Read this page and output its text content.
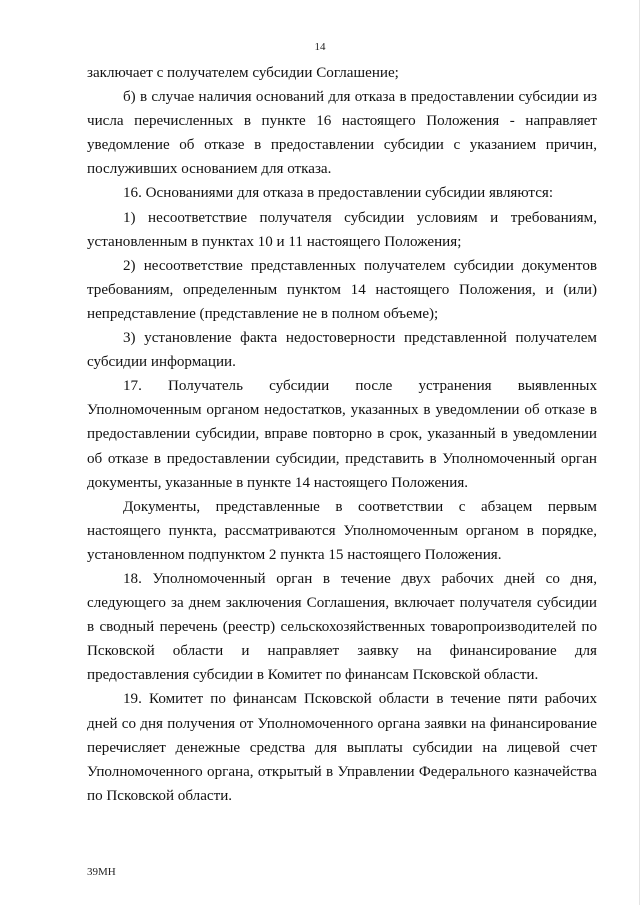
14

заключает с получателем субсидии Соглашение;

б) в случае наличия оснований для отказа в предоставлении субсидии из числа перечисленных в пункте 16 настоящего Положения - направляет уведомление об отказе в предоставлении субсидии с указанием причин, послуживших основанием для отказа.

16. Основаниями для отказа в предоставлении субсидии являются:

1) несоответствие получателя субсидии условиям и требованиям, установленным в пунктах 10 и 11 настоящего Положения;

2) несоответствие представленных получателем субсидии документов требованиям, определенным пунктом 14 настоящего Положения, и (или) непредставление (представление не в полном объеме);

3) установление факта недостоверности представленной получателем субсидии информации.

17. Получатель субсидии после устранения выявленных Уполномоченным органом недостатков, указанных в уведомлении об отказе в предоставлении субсидии, вправе повторно в срок, указанный в уведомлении об отказе в предоставлении субсидии, представить в Уполномоченный орган документы, указанные в пункте 14 настоящего Положения.

Документы, представленные в соответствии с абзацем первым настоящего пункта, рассматриваются Уполномоченным органом в порядке, установленном подпунктом 2 пункта 15 настоящего Положения.

18. Уполномоченный орган в течение двух рабочих дней со дня, следующего за днем заключения Соглашения, включает получателя субсидии в сводный перечень (реестр) сельскохозяйственных товаропроизводителей по Псковской области и направляет заявку на финансирование для предоставления субсидии в Комитет по финансам Псковской области.

19. Комитет по финансам Псковской области в течение пяти рабочих дней со дня получения от Уполномоченного органа заявки на финансирование перечисляет денежные средства для выплаты субсидии на лицевой счет Уполномоченного органа, открытый в Управлении Федерального казначейства по Псковской области.

39МН
